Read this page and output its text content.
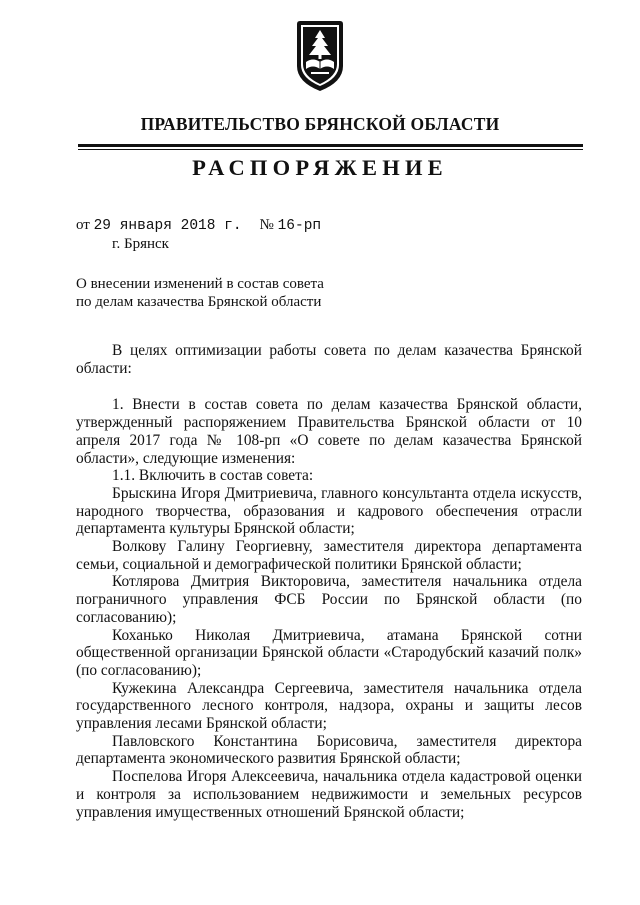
ПРАВИТЕЛЬСТВО БРЯНСКОЙ ОБЛАСТИ
РАСПОРЯЖЕНИЕ
от 29 января 2018 г. № 16-рп
г. Брянск
О внесении изменений в состав совета
по делам казачества Брянской области

В целях оптимизации работы совета по делам казачества Брянской области:

1. Внести в состав совета по делам казачества Брянской области, утвержденный распоряжением Правительства Брянской области от 10 апреля 2017 года № 108-рп «О совете по делам казачества Брянской области», следующие изменения:

1.1. Включить в состав совета:

Брыскина Игоря Дмитриевича, главного консультанта отдела искусств, народного творчества, образования и кадрового обеспечения отрасли департамента культуры Брянской области;

Волкову Галину Георгиевну, заместителя директора департамента семьи, социальной и демографической политики Брянской области;

Котлярова Дмитрия Викторовича, заместителя начальника отдела пограничного управления ФСБ России по Брянской области (по согласованию);

Коханько Николая Дмитриевича, атамана Брянской сотни общественной организации Брянской области «Стародубский казачий полк» (по согласованию);

Кужекина Александра Сергеевича, заместителя начальника отдела государственного лесного контроля, надзора, охраны и защиты лесов управления лесами Брянской области;

Павловского Константина Борисовича, заместителя директора департамента экономического развития Брянской области;

Поспелова Игоря Алексеевича, начальника отдела кадастровой оценки и контроля за использованием недвижимости и земельных ресурсов управления имущественных отношений Брянской области;
